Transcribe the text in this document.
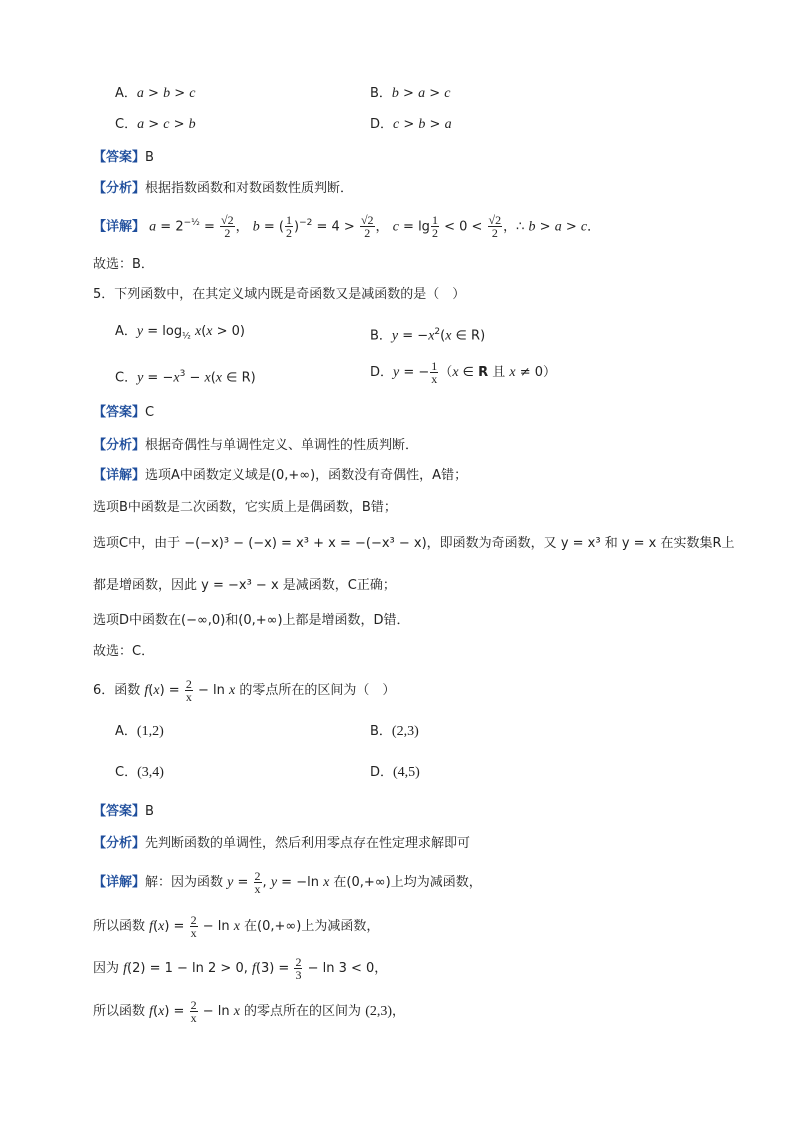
A．a > b > c	B．b > a > c
C．a > c > b	D．c > b > a
【答案】B
【分析】根据指数函数和对数函数性质判断．
【详解】 $a = 2^{-\frac{1}{2}} = \frac{√2}{2}$ ， b = ( $\frac{1}{2} )^{-2} = 4 > \frac{√2}{2}$ ， $c = \lg \frac{1}{2} < 0 < \frac{√2}{2}$ ，∴ b > a > c．
故选：B．
5．下列函数中，在其定义域内既是奇函数又是减函数的是（　）
A．$y = \log_{\frac{1}{2}} x(x > 0)$	B．$y = -x^2(x$ ∈ R)
C．$y = -x^3 - x(x$ ∈ R)	D．y = − $\frac{1}{x} (x$ ∈ R 且 x ≠ 0）
【答案】C
【分析】根据奇偶性与单调性定义、单调性的性质判断．
【详解】选项A中函数定义域是(0,+∞)，函数没有奇偶性，A错；
选项B中函数是二次函数，它实质上是偶函数，B错；
选项C中，由于 −(−x)³ − (−x) = x³ + x = −(−x³ − x)，即函数为奇函数，又 y = x³ 和 y = x 在实数集R上
都是增函数，因此 y = −x³ − x 是减函数，C正确；
选项D中函数在(−∞,0)和(0,+∞)上都是增函数，D错．
故选：C．
6．函数 $f(x) = \frac{2}{x} - \ln x$ 的零点所在的区间为（　）
A．(1,2)	B．(2,3)
C．(3,4)	D．(4,5)
【答案】B
【分析】先判断函数的单调性，然后利用零点存在性定理求解即可
【详解】解：因为函数 $y = \frac{2}{x}$ , y = −ln x 在(0,+∞)上均为减函数，
所以函数 $f(x) = \frac{2}{x} - \ln x$ 在(0,+∞)上为减函数，
因为 f(2) = 1 − ln 2 > 0, $f(3) = \frac{2}{3} - \ln 3 < 0$，
所以函数 $f(x) = \frac{2}{x} - \ln x$ 的零点所在的区间为 (2,3)，
